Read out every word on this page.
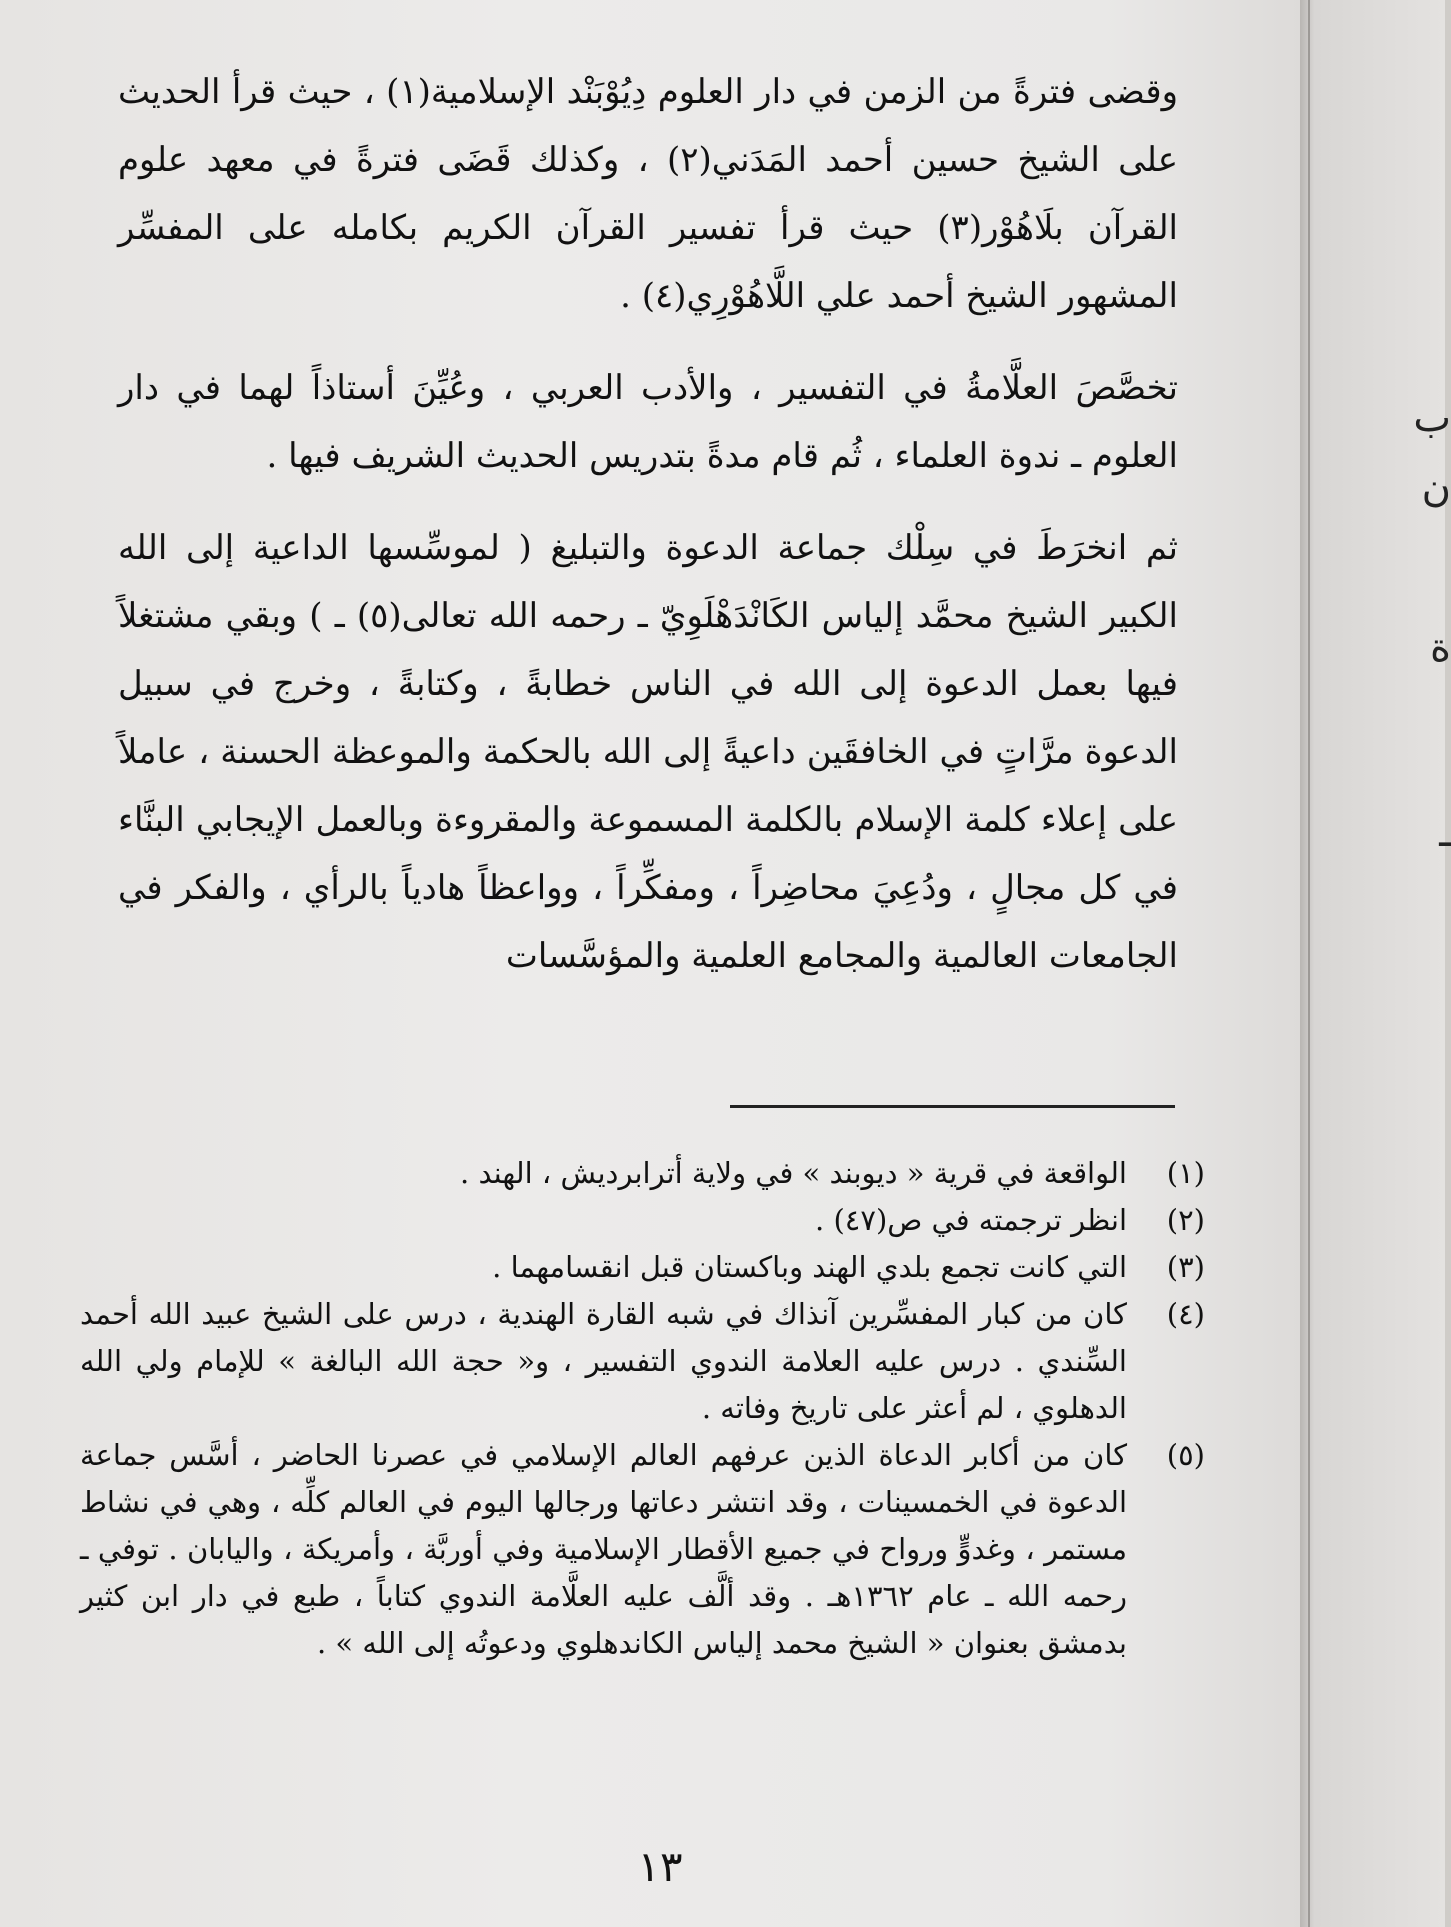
وقضى فترةً من الزمن في دار العلوم دِيُوْبَنْد الإسلامية(١) ، حيث قرأ الحديث على الشيخ حسين أحمد المَدَني(٢) ، وكذلك قَضَى فترةً في معهد علوم القرآن بلَاهُوْر(٣) حيث قرأ تفسير القرآن الكريم بكامله على المفسِّر المشهور الشيخ أحمد علي اللَّاهُوْرِي(٤) .

تخصَّصَ العلَّامةُ في التفسير ، والأدب العربي ، وعُيِّنَ أستاذاً لهما في دار العلوم ـ ندوة العلماء ، ثُم قام مدةً بتدريس الحديث الشريف فيها .

ثم انخرَطَ في سِلْك جماعة الدعوة والتبليغ ( لموسِّسها الداعية إلى الله الكبير الشيخ محمَّد إلياس الكَانْدَهْلَوِيّ ـ رحمه الله تعالى(٥) ـ ) وبقي مشتغلاً فيها بعمل الدعوة إلى الله في الناس خطابةً ، وكتابةً ، وخرج في سبيل الدعوة مرَّاتٍ في الخافقَين داعيةً إلى الله بالحكمة والموعظة الحسنة ، عاملاً على إعلاء كلمة الإسلام بالكلمة المسموعة والمقروءة وبالعمل الإيجابي البنَّاء في كل مجالٍ ، ودُعِيَ محاضِراً ، ومفكِّراً ، وواعظاً هادياً بالرأي ، والفكر في الجامعات العالمية والمجامع العلمية والمؤسَّسات

(١)
الواقعة في قرية « ديوبند » في ولاية أترابرديش ، الهند .
(٢)
انظر ترجمته في ص(٤٧) .
(٣)
التي كانت تجمع بلدي الهند وباكستان قبل انقسامهما .
(٤)
كان من كبار المفسِّرين آنذاك في شبه القارة الهندية ، درس على الشيخ عبيد الله أحمد السِّندي . درس عليه العلامة الندوي التفسير ، و« حجة الله البالغة » للإمام ولي الله الدهلوي ، لم أعثر على تاريخ وفاته .
(٥)
كان من أكابر الدعاة الذين عرفهم العالم الإسلامي في عصرنا الحاضر ، أسَّس جماعة الدعوة في الخمسينات ، وقد انتشر دعاتها ورجالها اليوم في العالم كلِّه ، وهي في نشاط مستمر ، وغدوٍّ ورواح في جميع الأقطار الإسلامية وفي أوربَّة ، وأمريكة ، واليابان . توفي ـ رحمه الله ـ عام ١٣٦٢هـ . وقد ألَّف عليه العلَّامة الندوي كتاباً ، طبع في دار ابن كثير بدمشق بعنوان « الشيخ محمد إلياس الكاندهلوي ودعوتُه إلى الله » .
١٣
ب
ن
ة
ـ
